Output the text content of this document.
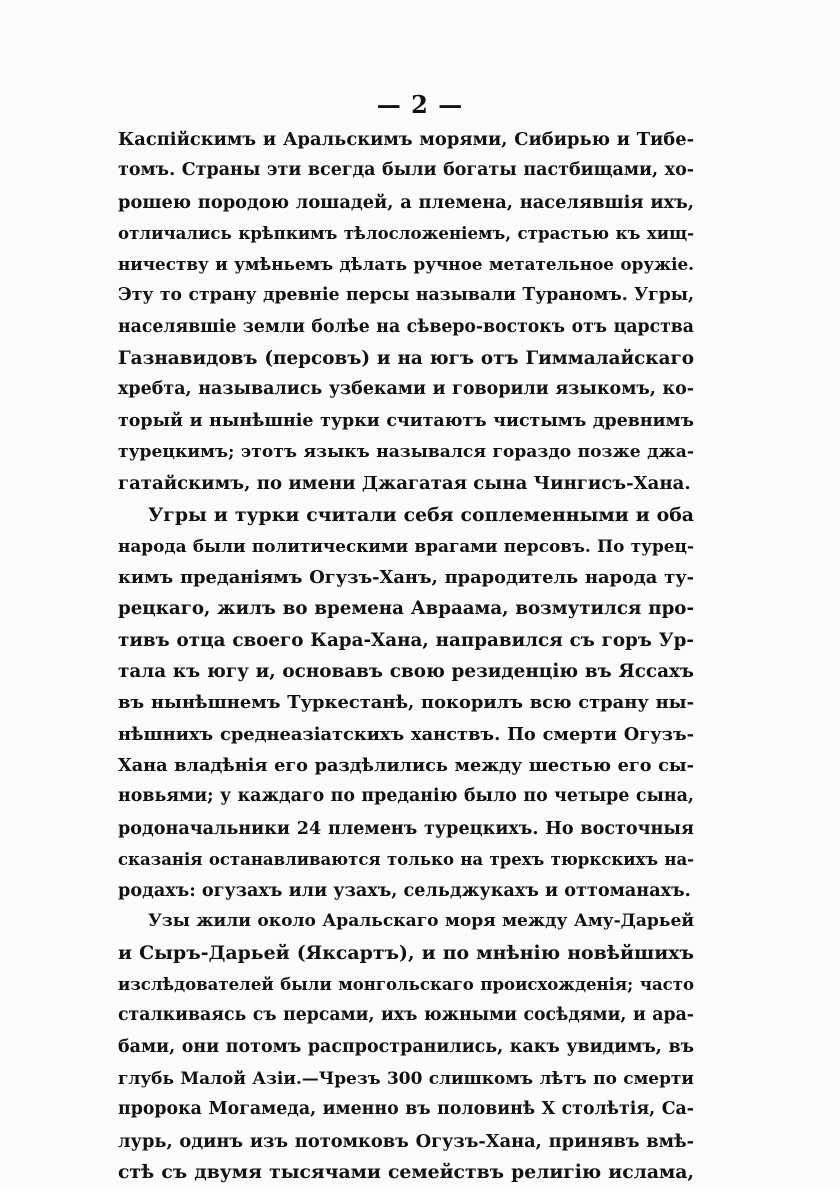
— 2 —
Каспiйскимъ и Аральскимъ морями, Сибирью и Тибе-
томъ. Страны эти всегда были богаты пастбищами, хо-
рошею породою лошадей, а племена, населявшiя ихъ,
отличались крѣпкимъ тѣлосложенiемъ, страстью къ хищ-
ничеству и умѣньемъ дѣлать ручное метательное оружiе.
Эту то страну древнiе персы называли Тураномъ. Угры,
населявшiе земли болѣе на сѣверо-востокъ отъ царства
Газнавидовъ (персовъ) и на югъ отъ Гиммалайскаго
хребта, назывались узбеками и говорили языкомъ, ко-
торый и нынѣшнiе турки считаютъ чистымъ древнимъ
турецкимъ; этотъ языкъ назывался гораздо позже джа-
гатайскимъ, по имени Джагатая сына Чингисъ-Хана.
Угры и турки считали себя соплеменными и оба
народа были политическими врагами персовъ. По турец-
кимъ преданiямъ Огузъ-Ханъ, прародитель народа ту-
рецкаго, жилъ во времена Авраама, возмутился про-
тивъ отца своего Кара-Хана, направился съ горъ Ур-
тала къ югу и, основавъ свою резиденцiю въ Яссахъ
въ нынѣшнемъ Туркестанѣ, покорилъ всю страну ны-
нѣшнихъ среднеазiатскихъ ханствъ. По смерти Огузъ-
Хана владѣнiя его раздѣлились между шестью его сы-
новьями; у каждаго по преданiю было по четыре сына,
родоначальники 24 племенъ турецкихъ. Но восточныя
сказанiя останавливаются только на трехъ тюркскихъ на-
родахъ: огузахъ или узахъ, сельджукахъ и оттоманахъ.
Узы жили около Аральскаго моря между Аму-Дарьей
и Сыръ-Дарьей (Яксартъ), и по мнѣнiю новѣйшихъ
изслѣдователей были монгольскаго происхожденiя; часто
сталкиваясь съ персами, ихъ южными сосѣдями, и ара-
бами, они потомъ распространились, какъ увидимъ, въ
глубь Малой Азiи.—Чрезъ 300 слишкомъ лѣтъ по смерти
пророка Могамеда, именно въ половинѣ X столѣтiя, Са-
лурь, одинъ изъ потомковъ Огузъ-Хана, принявъ вмѣ-
стѣ съ двумя тысячами семействъ религiю ислама,
